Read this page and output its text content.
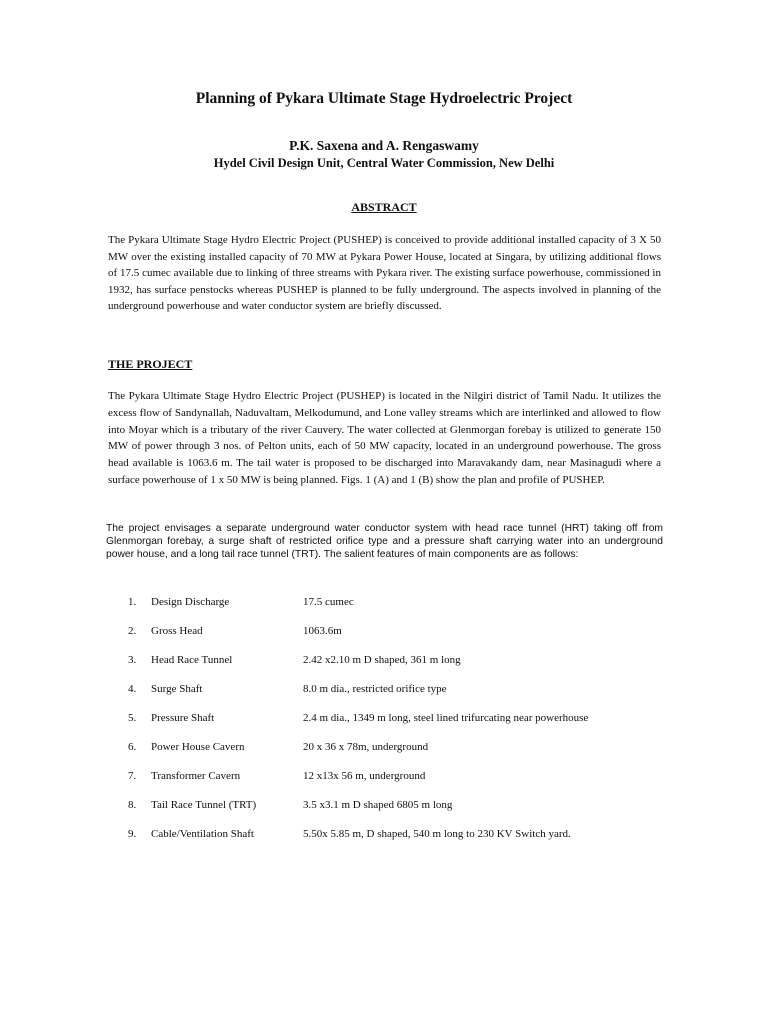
Planning of Pykara Ultimate Stage Hydroelectric Project
P.K. Saxena and A. Rengaswamy
Hydel Civil Design Unit, Central Water Commission, New Delhi
ABSTRACT
The Pykara Ultimate Stage Hydro Electric Project (PUSHEP) is conceived to provide additional installed capacity of 3 X 50 MW over the existing installed capacity of 70 MW at Pykara Power House, located at Singara, by utilizing additional flows of 17.5 cumec available due to linking of three streams with Pykara river. The existing surface powerhouse, commissioned in 1932, has surface penstocks whereas PUSHEP is planned to be fully underground. The aspects involved in planning of the underground powerhouse and water conductor system are briefly discussed.
THE PROJECT
The Pykara Ultimate Stage Hydro Electric Project (PUSHEP) is located in the Nilgiri district of Tamil Nadu. It utilizes the excess flow of Sandynallah, Naduvaltam, Melkodumund, and Lone valley streams which are interlinked and allowed to flow into Moyar which is a tributary of the river Cauvery. The water collected at Glenmorgan forebay is utilized to generate 150 MW of power through 3 nos. of Pelton units, each of 50 MW capacity, located in an underground powerhouse. The gross head available is 1063.6 m. The tail water is proposed to be discharged into Maravakandy dam, near Masinagudi where a surface powerhouse of 1 x 50 MW is being planned. Figs. 1 (A) and 1 (B) show the plan and profile of PUSHEP.
The project envisages a separate underground water conductor system with head race tunnel (HRT) taking off from Glenmorgan forebay, a surge shaft of restricted orifice type and a pressure shaft carrying water into an underground power house, and a long tail race tunnel (TRT). The salient features of main components are as follows:
1. Design Discharge	17.5 cumec
2. Gross Head	1063.6m
3. Head Race Tunnel	2.42 x2.10 m D shaped, 361 m long
4. Surge Shaft	8.0 m dia., restricted orifice type
5. Pressure Shaft	2.4 m dia., 1349 m long, steel lined trifurcating near powerhouse
6. Power House Cavern	20 x 36 x 78m, underground
7. Transformer Cavern	12 x13x 56 m, underground
8. Tail Race Tunnel (TRT)	3.5 x3.1 m D shaped 6805 m long
9. Cable/Ventilation Shaft	5.50x 5.85 m, D shaped, 540 m long to 230 KV Switch yard.
